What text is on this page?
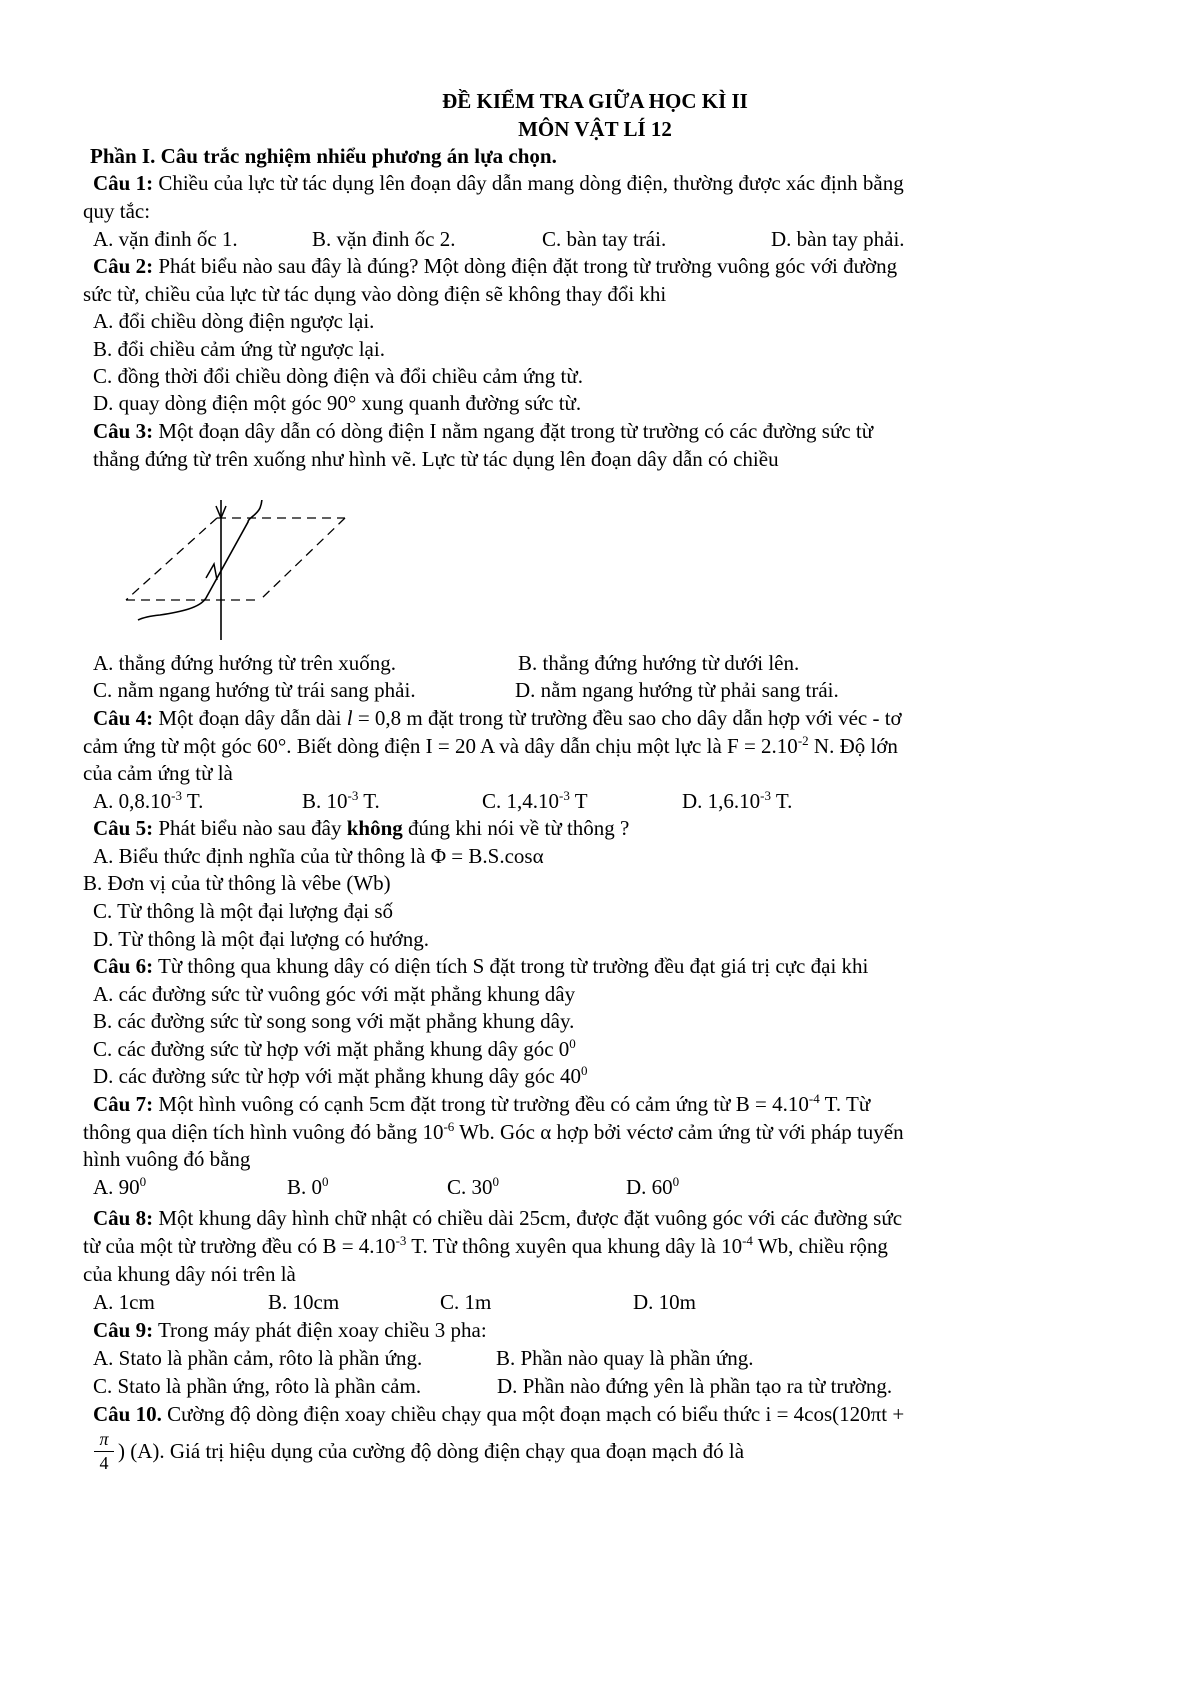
ĐỀ KIỂM TRA GIỮA HỌC KÌ II
MÔN VẬT LÍ 12
Phần I. Câu trắc nghiệm nhiểu phương án lựa chọn.
Câu 1: Chiều của lực từ tác dụng lên đoạn dây dẫn mang dòng điện, thường được xác định bằng
quy tắc:
A. vặn đinh ốc 1.	B. vặn đinh ốc 2.	C. bàn tay trái.	D. bàn tay phải.
Câu 2: Phát biểu nào sau đây là đúng? Một dòng điện đặt trong từ trường vuông góc với đường
sức từ, chiều của lực từ tác dụng vào dòng điện sẽ không thay đổi khi
A. đổi chiều dòng điện ngược lại.
B. đổi chiều cảm ứng từ ngược lại.
C. đồng thời đổi chiều dòng điện và đổi chiều cảm ứng từ.
D. quay dòng điện một góc 90° xung quanh đường sức từ.
Câu 3: Một đoạn dây dẫn có dòng điện I nằm ngang đặt trong từ trường có các đường sức từ
thẳng đứng từ trên xuống như hình vẽ. Lực từ tác dụng lên đoạn dây dẫn có chiều
A. thẳng đứng hướng từ trên xuống.	B. thẳng đứng hướng từ dưới lên.
C. nằm ngang hướng từ trái sang phải.	D. nằm ngang hướng từ phải sang trái.
Câu 4: Một đoạn dây dẫn dài l = 0,8 m đặt trong từ trường đều sao cho dây dẫn hợp với véc - tơ
cảm ứng từ một góc 60°. Biết dòng điện I = 20 A và dây dẫn chịu một lực là $F = 2.10^{-2}$ N. Độ lớn
của cảm ứng từ là
A. $0,8.10^{-3}$ T.	B. $10^{-3}$ T.	C. $1,4.10^{-3}$ T	D. $1,6.10^{-3}$ T.
Câu 5: Phát biểu nào sau đây không đúng khi nói về từ thông ?
A. Biểu thức định nghĩa của từ thông là Φ = B.S.cosα
B. Đơn vị của từ thông là vêbe (Wb)
C. Từ thông là một đại lượng đại số
D. Từ thông là một đại lượng có hướng.
Câu 6: Từ thông qua khung dây có diện tích S đặt trong từ trường đều đạt giá trị cực đại khi
A. các đường sức từ vuông góc với mặt phẳng khung dây
B. các đường sức từ song song với mặt phẳng khung dây.
C. các đường sức từ hợp với mặt phẳng khung dây góc $0^0$
D. các đường sức từ hợp với mặt phẳng khung dây góc $40^0$
Câu 7: Một hình vuông có cạnh 5cm đặt trong từ trường đều có cảm ứng từ $B = 4.10^{-4}$ T. Từ
thông qua diện tích hình vuông đó bằng $10^{-6}$ Wb. Góc α hợp bởi véctơ cảm ứng từ với pháp tuyến
hình vuông đó bằng
A. $90^0$	B. $0^0$	C. $30^0$	D. $60^0$
Câu 8: Một khung dây hình chữ nhật có chiều dài 25cm, được đặt vuông góc với các đường sức
từ của một từ trường đều có $B = 4.10^{-3}$ T. Từ thông xuyên qua khung dây là $10^{-4}$ Wb, chiều rộng
của khung dây nói trên là
A. 1cm	B. 10cm	C. 1m	D. 10m
Câu 9: Trong máy phát điện xoay chiều 3 pha:
A. Stato là phần cảm, rôto là phần ứng.	B. Phần nào quay là phần ứng.
C. Stato là phần ứng, rôto là phần cảm.	D. Phần nào đứng yên là phần tạo ra từ trường.
Câu 10. Cường độ dòng điện xoay chiều chạy qua một đoạn mạch có biểu thức i = 4cos(120πt +
π
4 ) (A). Giá trị hiệu dụng của cường độ dòng điện chạy qua đoạn mạch đó là
